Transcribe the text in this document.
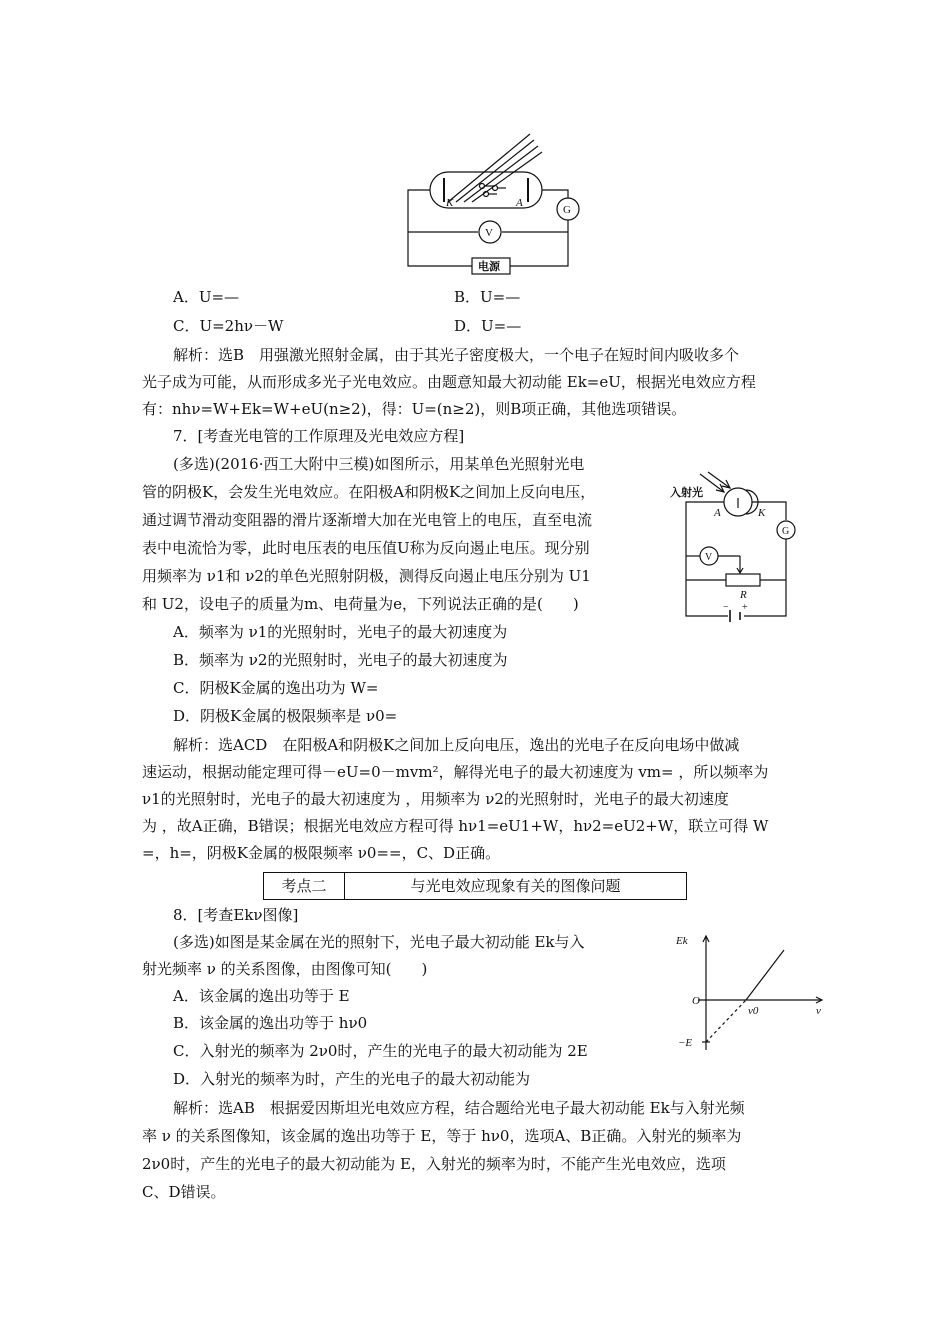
K	A
G
V
电源
A．U=—	B．U=—
C．U=2hν－W	D．U=—
解析：选B　用强激光照射金属，由于其光子密度极大，一个电子在短时间内吸收多个
光子成为可能，从而形成多光子光电效应。由题意知最大初动能 Ek=eU，根据光电效应方程
有：nhν=W+Ek=W+eU(n≥2)，得：U=(n≥2)，则B项正确，其他选项错误。
7．[考查光电管的工作原理及光电效应方程]
(多选)(2016·西工大附中三模)如图所示，用某单色光照射光电
管的阴极K，会发生光电效应。在阳极A和阴极K之间加上反向电压，
通过调节滑动变阻器的滑片逐渐增大加在光电管上的电压，直至电流
表中电流恰为零，此时电压表的电压值U称为反向遏止电压。现分别
用频率为 ν1和 ν2的单色光照射阴极，测得反向遏止电压分别为 U1
和 U2，设电子的质量为m、电荷量为e，下列说法正确的是(　　)
A．频率为 ν1的光照射时，光电子的最大初速度为
B．频率为 ν2的光照射时，光电子的最大初速度为
C．阴极K金属的逸出功为 W=
D．阴极K金属的极限频率是 ν0=
入射光
A	K
G
V
R
− +
解析：选ACD　在阳极A和阴极K之间加上反向电压，逸出的光电子在反向电场中做减
速运动，根据动能定理可得－eU=0－mvm²，解得光电子的最大初速度为 vm= ，所以频率为
ν1的光照射时，光电子的最大初速度为 ，用频率为 ν2的光照射时，光电子的最大初速度
为 ，故A正确，B错误；根据光电效应方程可得 hν1=eU1+W，hν2=eU2+W，联立可得 W
=，h=，阴极K金属的极限频率 ν0==，C、D正确。
考点二	与光电效应现象有关的图像问题
8．[考查Ekν图像]
(多选)如图是某金属在光的照射下，光电子最大初动能 Ek与入
射光频率 ν 的关系图像，由图像可知(　　)
A．该金属的逸出功等于 E
B．该金属的逸出功等于 hν0
C．入射光的频率为 2ν0时，产生的光电子的最大初动能为 2E
D．入射光的频率为时，产生的光电子的最大初动能为
Ek
O
ν0	ν
−E
解析：选AB　根据爱因斯坦光电效应方程，结合题给光电子最大初动能 Ek与入射光频
率 ν 的关系图像知，该金属的逸出功等于 E，等于 hν0，选项A、B正确。入射光的频率为
2ν0时，产生的光电子的最大初动能为 E，入射光的频率为时，不能产生光电效应，选项
C、D错误。
